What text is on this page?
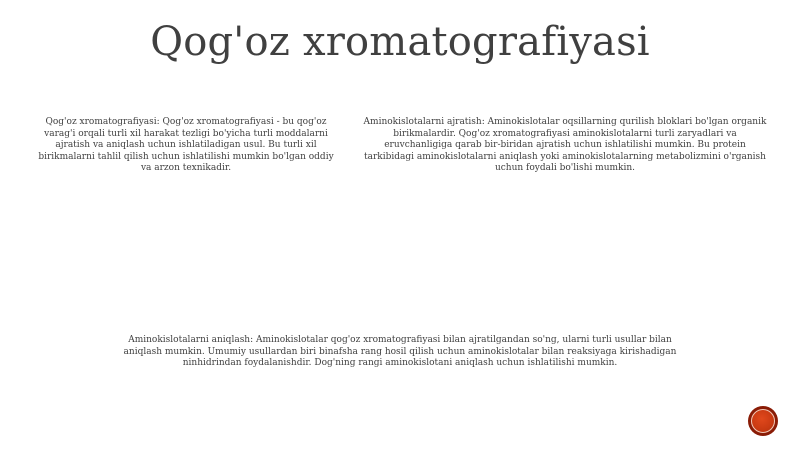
Qog'oz xromatografiyasi

Qog'oz xromatografiyasi: Qog'oz xromatografiyasi - bu qog'oz varag'i orqali turli xil harakat tezligi bo'yicha turli moddalarni ajratish va aniqlash uchun ishlatiladigan usul. Bu turli xil birikmalarni tahlil qilish uchun ishlatilishi mumkin bo'lgan oddiy va arzon texnikadir.

Aminokislotalarni ajratish: Aminokislotalar oqsillarning qurilish bloklari bo'lgan organik birikmalardir. Qog'oz xromatografiyasi aminokislotalarni turli zaryadlari va eruvchanligiga qarab bir-biridan ajratish uchun ishlatilishi mumkin. Bu protein tarkibidagi aminokislotalarni aniqlash yoki aminokislotalarning metabolizmini o'rganish uchun foydali bo'lishi mumkin.

Aminokislotalarni aniqlash: Aminokislotalar qog'oz xromatografiyasi bilan ajratilgandan so'ng, ularni turli usullar bilan aniqlash mumkin. Umumiy usullardan biri binafsha rang hosil qilish uchun aminokislotalar bilan reaksiyaga kirishadigan ninhidrindan foydalanishdir. Dog'ning rangi aminokislotani aniqlash uchun ishlatilishi mumkin.
